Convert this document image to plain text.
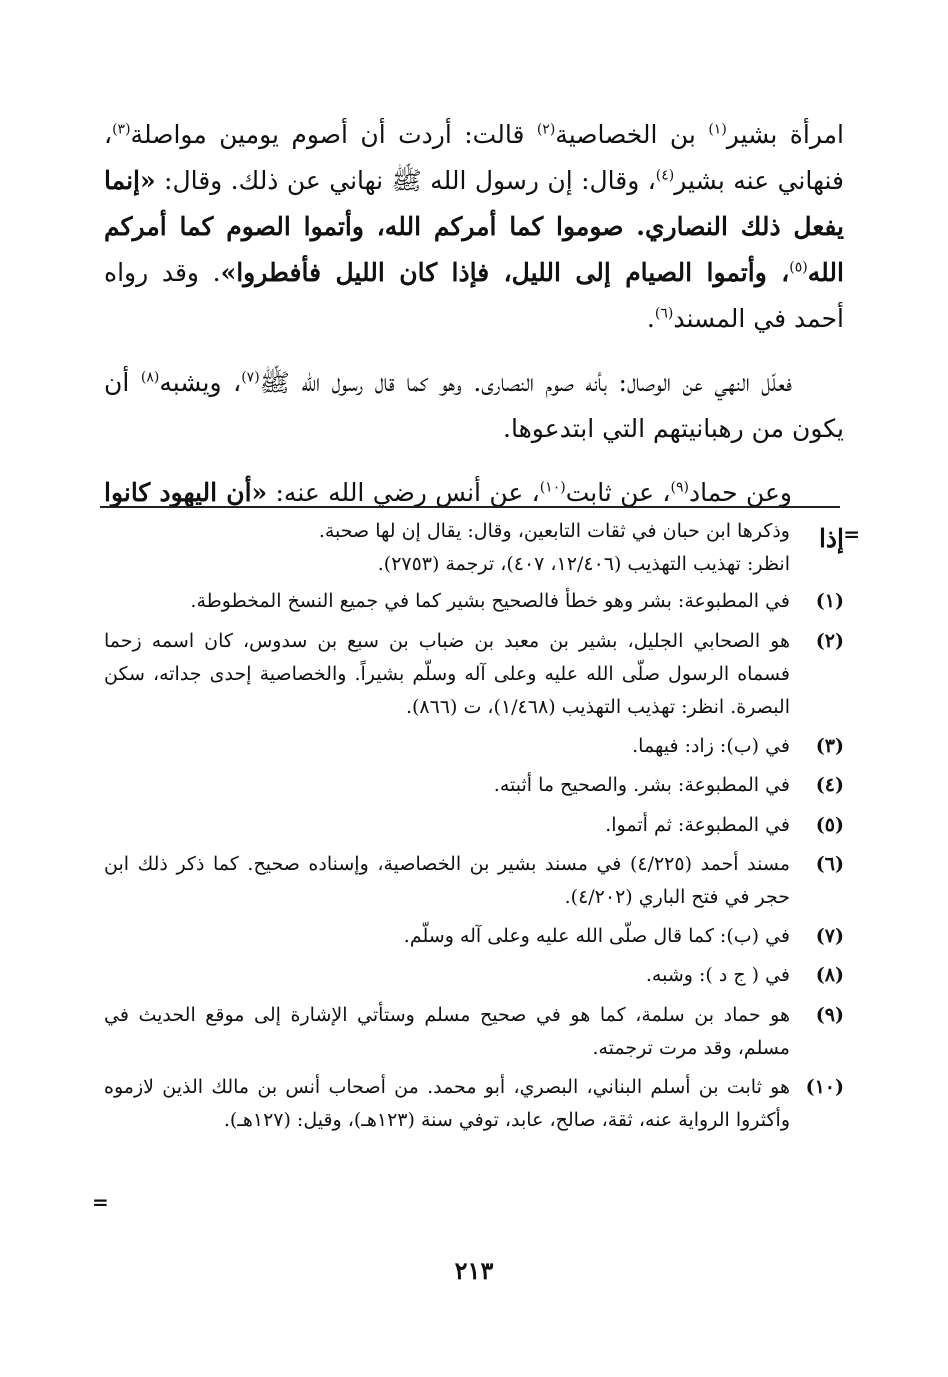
امرأة بشير$^{(١)}$ بن الخصاصية$^{(٢)}$ قالت: أردت أن أصوم يومين مواصلة$^{(٣)}$، فنهاني عنه بشير$^{(٤)}$، وقال: إن رسول الله ﷺ نهاني عن ذلك. وقال: «إنما يفعل ذلك النصاري. صوموا كما أمركم الله، وأتموا الصوم كما أمركم الله$^{(٥)}$، وأتموا الصيام إلى الليل، فإذا كان الليل فأفطروا». وقد رواه أحمد في المسند$^{(٦)}$.

فعلّل النهي عن الوصال: بأنه صوم النصارى. وهو كما قال رسول الله ﷺ$^{(٧)}$، ويشبه$^{(٨)}$ أن يكون من رهبانيتهم التي ابتدعوها.

وعن حماد$^{(٩)}$، عن ثابت$^{(١٠)}$، عن أنس رضي الله عنه: «أن اليهود كانوا إذا =
وذكرها ابن حبان في ثقات التابعين، وقال: يقال إن لها صحبة.
انظر: تهذيب التهذيب (١٢/٤٠٦، ٤٠٧)، ترجمة (٢٧٥٣).
(١)
في المطبوعة: بشر وهو خطأ فالصحيح بشير كما في جميع النسخ المخطوطة.
(٢)
هو الصحابي الجليل، بشير بن معبد بن ضباب بن سبع بن سدوس، كان اسمه زحما فسماه الرسول صلّى الله عليه وعلى آله وسلّم بشيراً. والخصاصية إحدى جداته، سكن البصرة. انظر: تهذيب التهذيب (١/٤٦٨)، ت (٨٦٦).
(٣)
في (ب): زاد: فيهما.
(٤)
في المطبوعة: بشر. والصحيح ما أثبته.
(٥)
في المطبوعة: ثم أتموا.
(٦)
مسند أحمد (٤/٢٢٥) في مسند بشير بن الخصاصية، وإسناده صحيح. كما ذكر ذلك ابن حجر في فتح الباري (٤/٢٠٢).
(٧)
في (ب): كما قال صلّى الله عليه وعلى آله وسلّم.
(٨)
في ( ج د ): وشبه.
(٩)
هو حماد بن سلمة، كما هو في صحيح مسلم وستأتي الإشارة إلى موقع الحديث في مسلم، وقد مرت ترجمته.
(١٠)
هو ثابت بن أسلم البناني، البصري، أبو محمد. من أصحاب أنس بن مالك الذين لازموه وأكثروا الرواية عنه، ثقة، صالح، عابد، توفي سنة (١٢٣هـ)، وقيل: (١٢٧هـ).
=
٢١٣
